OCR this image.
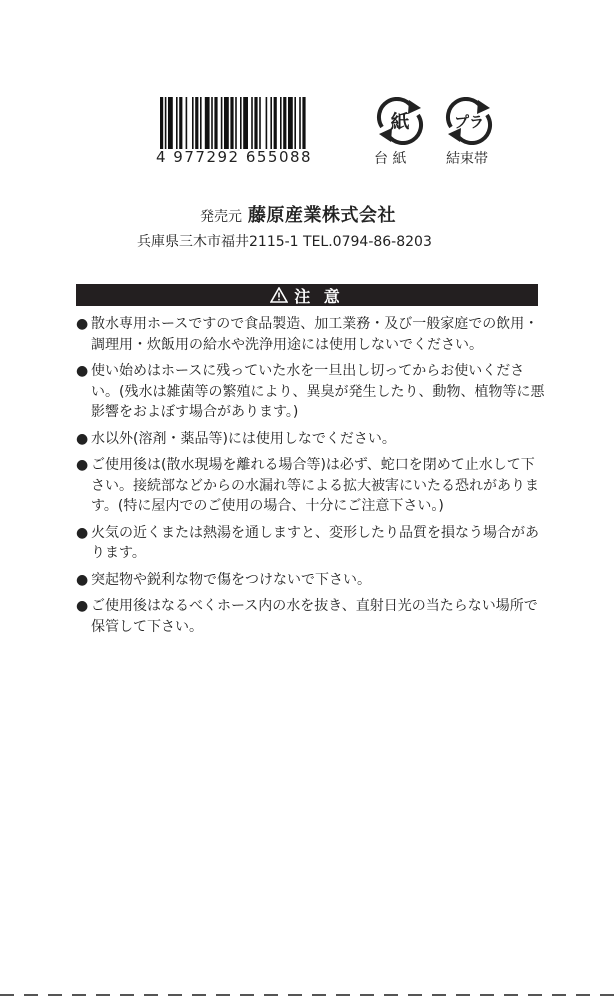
4 977292 655088
紙
台 紙
プラ
結束帯
発売元 藤原産業株式会社
兵庫県三木市福井2115-1 TEL.0794-86-8203
注 意
● 散水専用ホースですので食品製造、加工業務・及び一般家庭での飲用・調理用・炊飯用の給水や洗浄用途には使用しないでください。
● 使い始めはホースに残っていた水を一旦出し切ってからお使いください。(残水は雑菌等の繁殖により、異臭が発生したり、動物、植物等に悪影響をおよぼす場合があります。)
● 水以外(溶剤・薬品等)には使用しなでください。
● ご使用後は(散水現場を離れる場合等)は必ず、蛇口を閉めて止水して下さい。接続部などからの水漏れ等による拡大被害にいたる恐れがあります。(特に屋内でのご使用の場合、十分にご注意下さい。)
● 火気の近くまたは熱湯を通しますと、変形したり品質を損なう場合があります。
● 突起物や鋭利な物で傷をつけないで下さい。
● ご使用後はなるべくホース内の水を抜き、直射日光の当たらない場所で保管して下さい。
